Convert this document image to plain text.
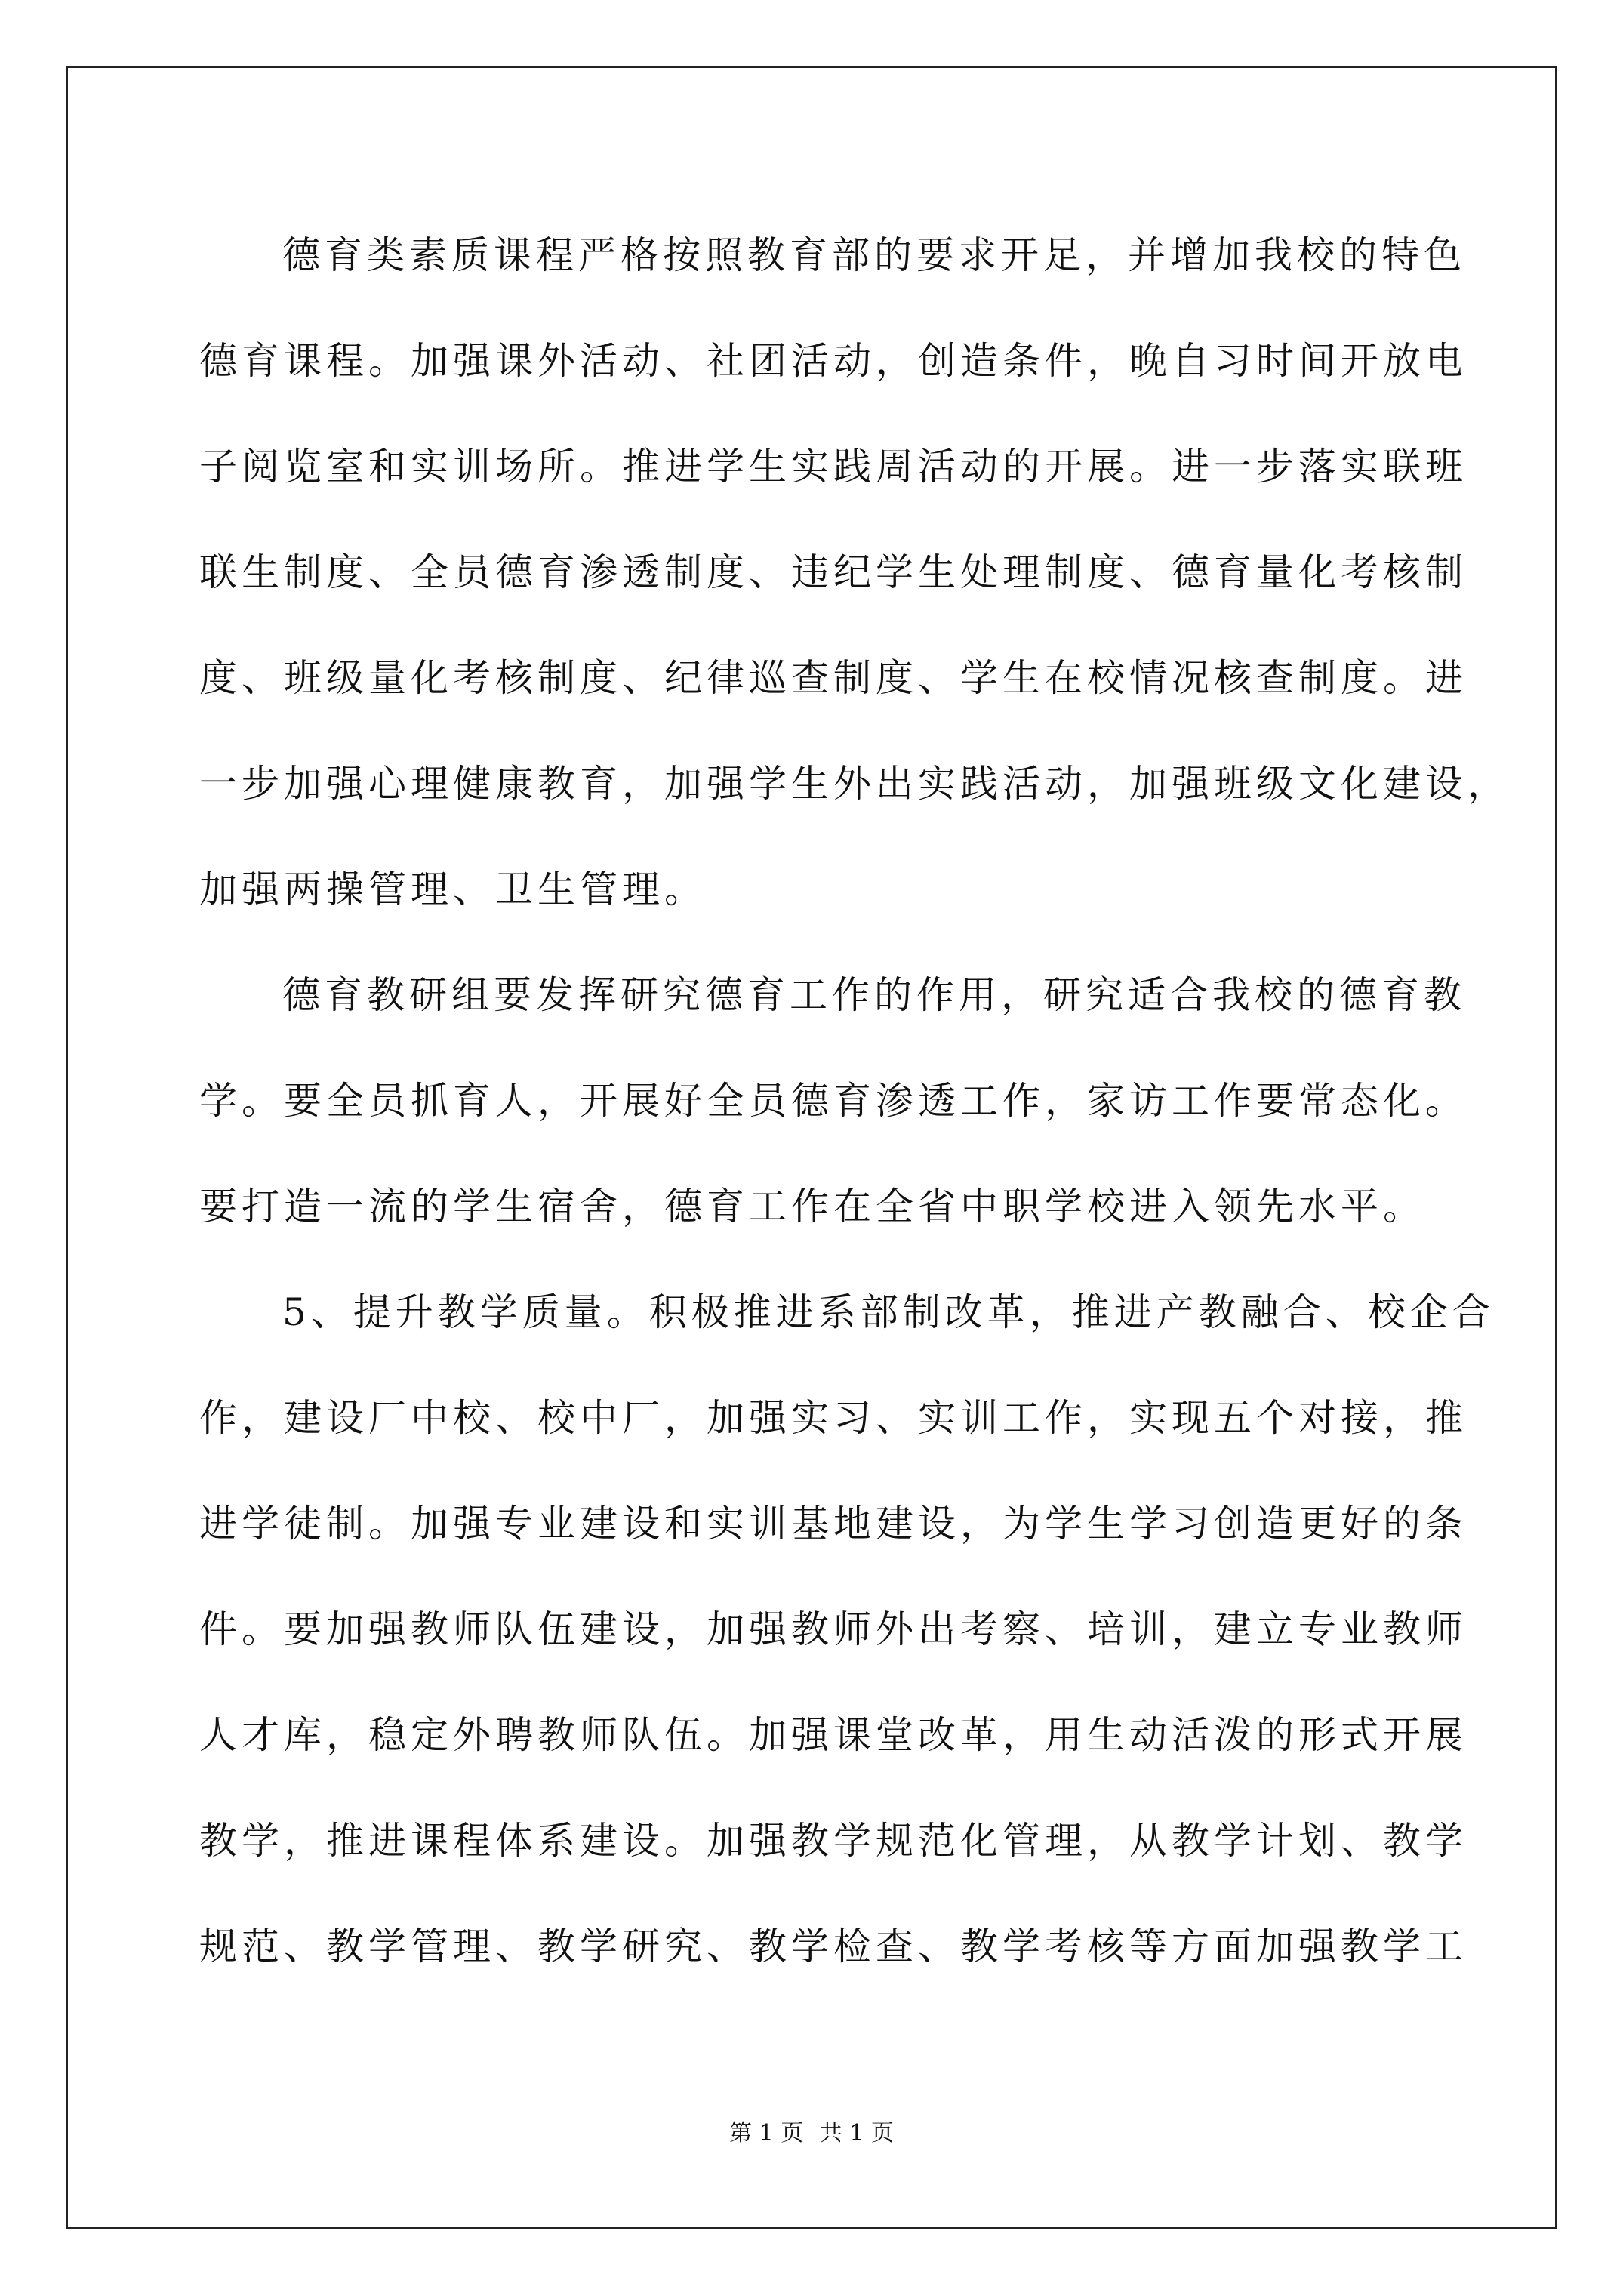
德育类素质课程严格按照教育部的要求开足，并增加我校的特色
德育课程。加强课外活动、社团活动，创造条件，晚自习时间开放电
子阅览室和实训场所。推进学生实践周活动的开展。进一步落实联班
联生制度、全员德育渗透制度、违纪学生处理制度、德育量化考核制
度、班级量化考核制度、纪律巡查制度、学生在校情况核查制度。进
一步加强心理健康教育，加强学生外出实践活动，加强班级文化建设，
加强两操管理、卫生管理。
德育教研组要发挥研究德育工作的作用，研究适合我校的德育教
学。要全员抓育人，开展好全员德育渗透工作，家访工作要常态化。
要打造一流的学生宿舍，德育工作在全省中职学校进入领先水平。
5、提升教学质量。积极推进系部制改革，推进产教融合、校企合
作，建设厂中校、校中厂，加强实习、实训工作，实现五个对接，推
进学徒制。加强专业建设和实训基地建设，为学生学习创造更好的条
件。要加强教师队伍建设，加强教师外出考察、培训，建立专业教师
人才库，稳定外聘教师队伍。加强课堂改革，用生动活泼的形式开展
教学，推进课程体系建设。加强教学规范化管理，从教学计划、教学
规范、教学管理、教学研究、教学检查、教学考核等方面加强教学工
第 1 页 共 1 页
